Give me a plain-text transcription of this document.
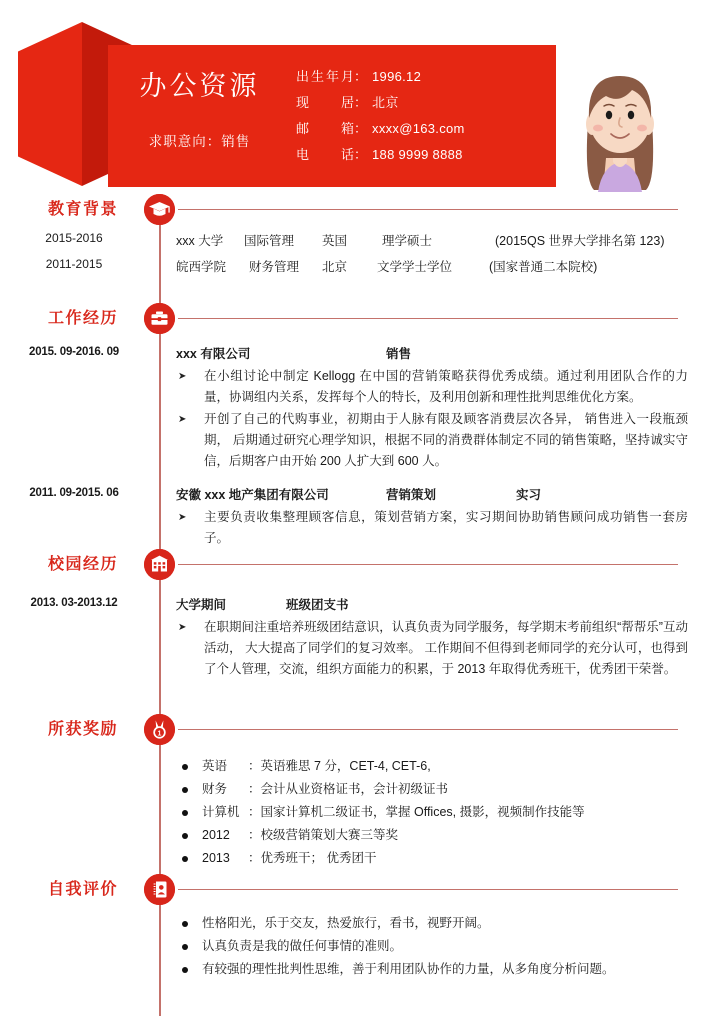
办公资源
求职意向：销售
出生年月 ： 1996.12
现居 ： 北京
邮箱 ： xxxx@163.com
电话 ： 188 9999 8888
教育背景
2015-2016	xxx 大学 国际管理 英国	理学硕士	(2015QS 世界大学排名第 123)
2011-2015	皖西学院 财务管理 北京 文学学士学位	(国家普通二本院校)
工作经历
2015. 09-2016. 09	xxx 有限公司	销售
➤ 在小组讨论中制定 Kellogg 在中国的营销策略获得优秀成绩。通过利用团队合作的力量，协调组内关系，发挥每个人的特长，及利用创新和理性批判思维优化方案。
➤ 开创了自己的代购事业，初期由于人脉有限及顾客消费层次各异， 销售进入一段瓶颈期， 后期通过研究心理学知识，根据不同的消费群体制定不同的销售策略，坚持诚实守信，后期客户由开始 200 人扩大到 600 人。
2011. 09-2015. 06	安徽 xxx 地产集团有限公司	营销策划	实习
➤ 主要负责收集整理顾客信息，策划营销方案，实习期间协助销售顾问成功销售一套房子。
校园经历
2013. 03-2013.12	大学期间	班级团支书
➤ 在职期间注重培养班级团结意识，认真负责为同学服务，每学期末考前组织“帮帮乐”互动活动， 大大提高了同学们的复习效率。 工作期间不但得到老师同学的充分认可，也得到了个人管理，交流，组织方面能力的积累，于 2013 年取得优秀班干，优秀团干荣誉。
所获奖励	1
英语 ：英语雅思 7 分，CET-4, CET-6,
财务 ：会计从业资格证书，会计初级证书
计算机 ：国家计算机二级证书，掌握 Offices, 摄影，视频制作技能等
2012 ：校级营销策划大赛三等奖
2013 ：优秀班干； 优秀团干
自我评价
性格阳光，乐于交友，热爱旅行，看书，视野开阔。
认真负责是我的做任何事情的准则。
有较强的理性批判性思维，善于利用团队协作的力量，从多角度分析问题。
